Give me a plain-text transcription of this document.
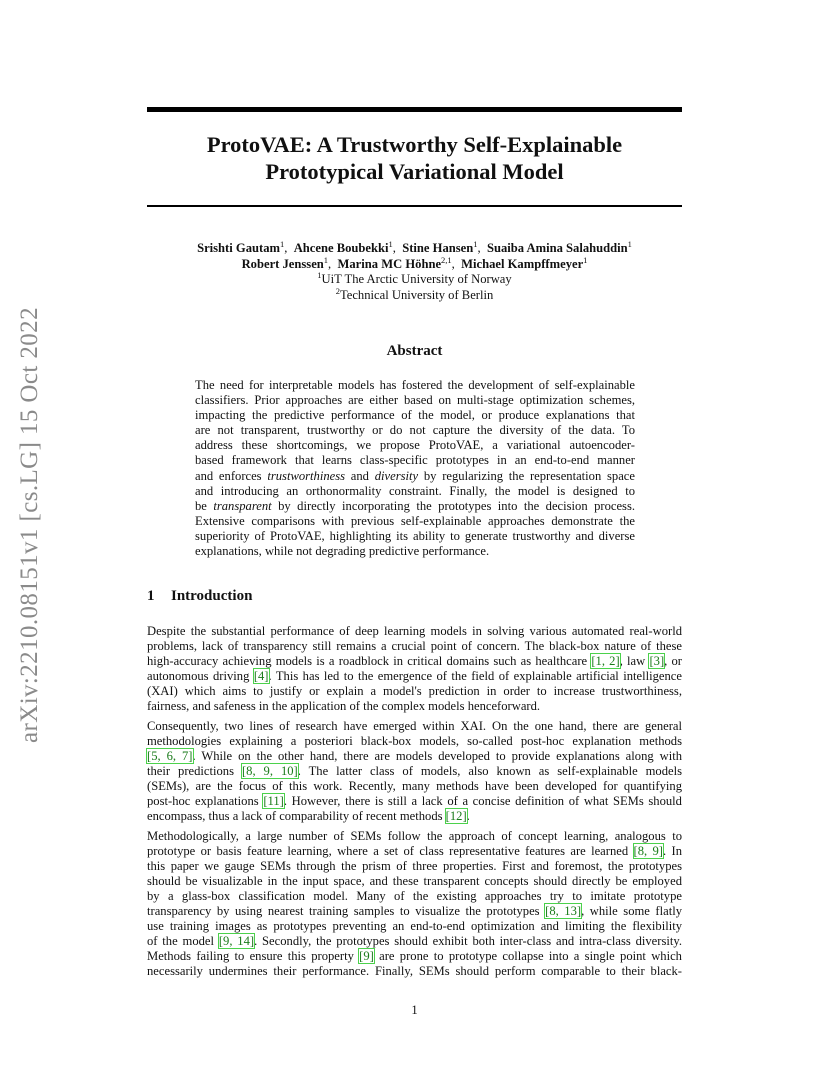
arXiv:2210.08151v1 [cs.LG] 15 Oct 2022
ProtoVAE: A Trustworthy Self-Explainable
Prototypical Variational Model
Srishti Gautam$^1$,  Ahcene Boubekki$^1$,  Stine Hansen$^1$,  Suaiba Amina Salahuddin$^1$
Robert Jenssen$^1$,  Marina MC Höhne$^{2,1}$,  Michael Kampffmeyer$^1$
$^1$UiT The Arctic University of Norway
$^2$Technical University of Berlin
Abstract
The need for interpretable models has fostered the development of self-explainable
classifiers. Prior approaches are either based on multi-stage optimization schemes,
impacting the predictive performance of the model, or produce explanations that
are not transparent, trustworthy or do not capture the diversity of the data. To
address these shortcomings, we propose ProtoVAE, a variational autoencoder-
based framework that learns class-specific prototypes in an end-to-end manner
and enforces trustworthiness and diversity by regularizing the representation space
and introducing an orthonormality constraint. Finally, the model is designed to
be transparent by directly incorporating the prototypes into the decision process.
Extensive comparisons with previous self-explainable approaches demonstrate the
superiority of ProtoVAE, highlighting its ability to generate trustworthy and diverse
explanations, while not degrading predictive performance.
1 Introduction
Despite the substantial performance of deep learning models in solving various automated real-world
problems, lack of transparency still remains a crucial point of concern. The black-box nature of these
high-accuracy achieving models is a roadblock in critical domains such as healthcare [1, 2], law [3], or
autonomous driving [4]. This has led to the emergence of the field of explainable artificial intelligence
(XAI) which aims to justify or explain a model's prediction in order to increase trustworthiness,
fairness, and safeness in the application of the complex models henceforward.
Consequently, two lines of research have emerged within XAI. On the one hand, there are general
methodologies explaining a posteriori black-box models, so-called post-hoc explanation methods
[5, 6, 7]. While on the other hand, there are models developed to provide explanations along with
their predictions [8, 9, 10]. The latter class of models, also known as self-explainable models
(SEMs), are the focus of this work. Recently, many methods have been developed for quantifying
post-hoc explanations [11]. However, there is still a lack of a concise definition of what SEMs should
encompass, thus a lack of comparability of recent methods [12].
Methodologically, a large number of SEMs follow the approach of concept learning, analogous to
prototype or basis feature learning, where a set of class representative features are learned [8, 9]. In
this paper we gauge SEMs through the prism of three properties. First and foremost, the prototypes
should be visualizable in the input space, and these transparent concepts should directly be employed
by a glass-box classification model. Many of the existing approaches try to imitate prototype
transparency by using nearest training samples to visualize the prototypes [8, 13], while some flatly
use training images as prototypes preventing an end-to-end optimization and limiting the flexibility
of the model [9, 14]. Secondly, the prototypes should exhibit both inter-class and intra-class diversity.
Methods failing to ensure this property [9] are prone to prototype collapse into a single point which
necessarily undermines their performance. Finally, SEMs should perform comparable to their black-
1
